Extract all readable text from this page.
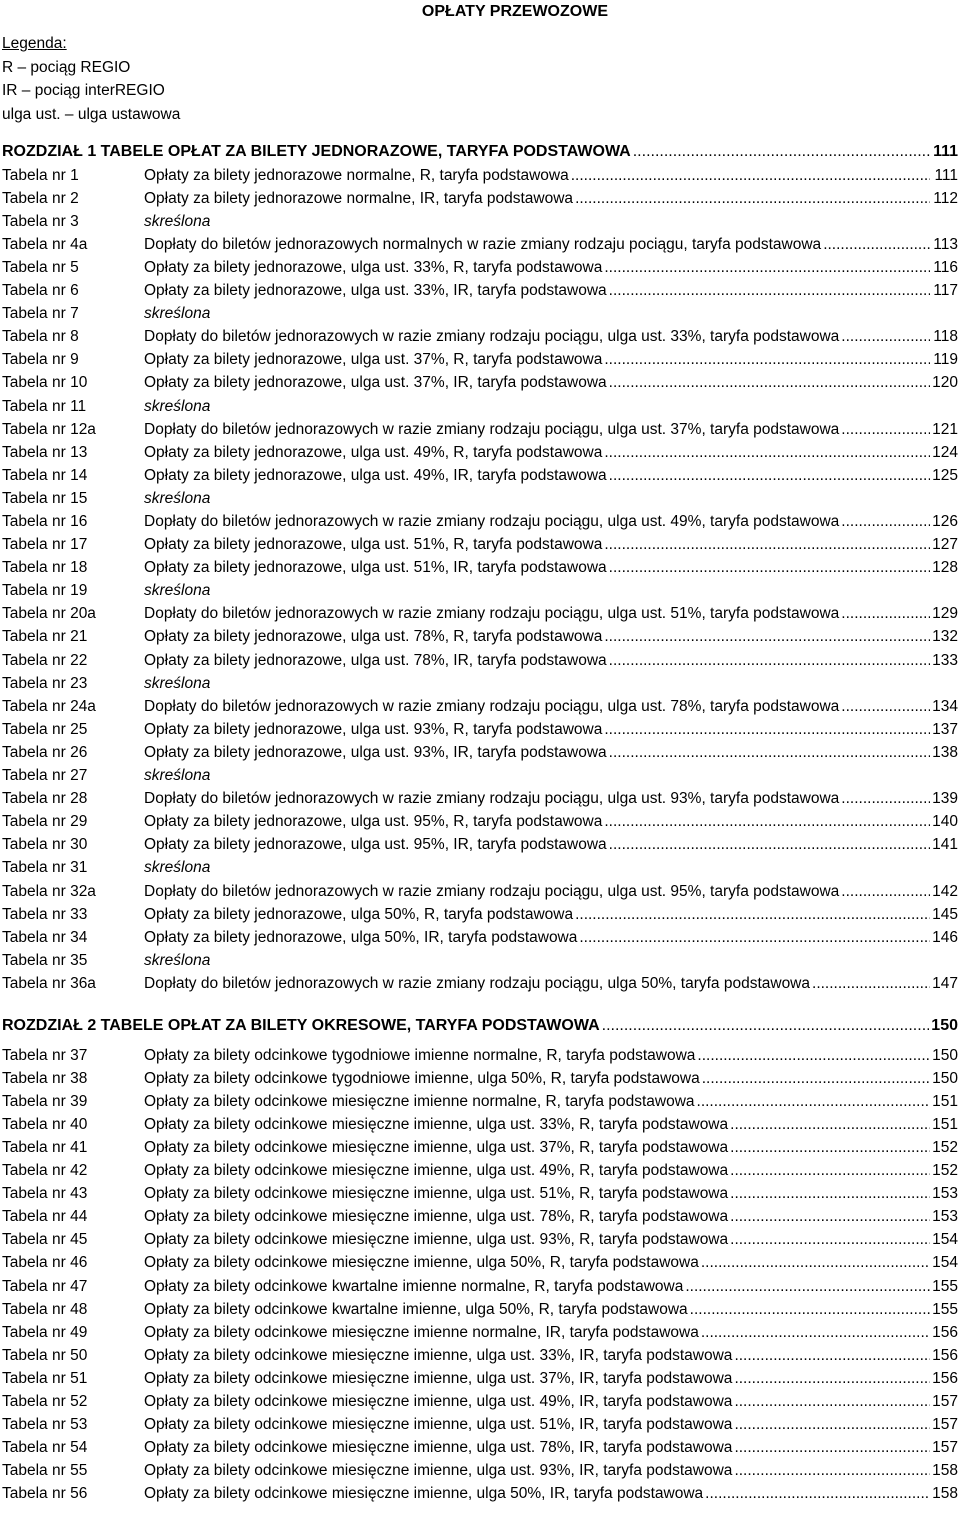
OPŁATY PRZEWOZOWE
Legenda:
R – pociąg REGIO
IR – pociąg interREGIO
ulga ust. – ulga ustawowa
ROZDZIAŁ 1 TABELE OPŁAT ZA BILETY JEDNORAZOWE, TARYFA PODSTAWOWA .....	111
Tabela nr 1	Opłaty za bilety jednorazowe normalne, R, taryfa podstawowa .....	111
Tabela nr 2	Opłaty za bilety jednorazowe normalne, IR, taryfa podstawowa .....	112
Tabela nr 3	skreślona
Tabela nr 4a	Dopłaty do biletów jednorazowych normalnych w razie zmiany rodzaju pociągu, taryfa podstawowa .....	113
Tabela nr 5	Opłaty za bilety jednorazowe, ulga ust. 33%, R, taryfa podstawowa .....	116
Tabela nr 6	Opłaty za bilety jednorazowe, ulga ust. 33%, IR, taryfa podstawowa .....	117
Tabela nr 7	skreślona
Tabela nr 8	Dopłaty do biletów jednorazowych w razie zmiany rodzaju pociągu, ulga ust. 33%, taryfa podstawowa .....	118
Tabela nr 9	Opłaty za bilety jednorazowe, ulga ust. 37%, R, taryfa podstawowa .....	119
Tabela nr 10	Opłaty za bilety jednorazowe, ulga ust. 37%, IR, taryfa podstawowa .....	120
Tabela nr 11	skreślona
Tabela nr 12a	Dopłaty do biletów jednorazowych w razie zmiany rodzaju pociągu, ulga ust. 37%, taryfa podstawowa .....	121
Tabela nr 13	Opłaty za bilety jednorazowe, ulga ust. 49%, R, taryfa podstawowa .....	124
Tabela nr 14	Opłaty za bilety jednorazowe, ulga ust. 49%, IR, taryfa podstawowa .....	125
Tabela nr 15	skreślona
Tabela nr 16	Dopłaty do biletów jednorazowych w razie zmiany rodzaju pociągu, ulga ust. 49%, taryfa podstawowa .....	126
Tabela nr 17	Opłaty za bilety jednorazowe, ulga ust. 51%, R, taryfa podstawowa .....	127
Tabela nr 18	Opłaty za bilety jednorazowe, ulga ust. 51%, IR, taryfa podstawowa .....	128
Tabela nr 19	skreślona
Tabela nr 20a	Dopłaty do biletów jednorazowych w razie zmiany rodzaju pociągu, ulga ust. 51%, taryfa podstawowa .....	129
Tabela nr 21	Opłaty za bilety jednorazowe, ulga ust. 78%, R, taryfa podstawowa .....	132
Tabela nr 22	Opłaty za bilety jednorazowe, ulga ust. 78%, IR, taryfa podstawowa .....	133
Tabela nr 23	skreślona
Tabela nr 24a	Dopłaty do biletów jednorazowych w razie zmiany rodzaju pociągu, ulga ust. 78%, taryfa podstawowa .....	134
Tabela nr 25	Opłaty za bilety jednorazowe, ulga ust. 93%, R, taryfa podstawowa .....	137
Tabela nr 26	Opłaty za bilety jednorazowe, ulga ust. 93%, IR, taryfa podstawowa .....	138
Tabela nr 27	skreślona
Tabela nr 28	Dopłaty do biletów jednorazowych w razie zmiany rodzaju pociągu, ulga ust. 93%, taryfa podstawowa .....	139
Tabela nr 29	Opłaty za bilety jednorazowe, ulga ust. 95%, R, taryfa podstawowa .....	140
Tabela nr 30	Opłaty za bilety jednorazowe, ulga ust. 95%, IR, taryfa podstawowa .....	141
Tabela nr 31	skreślona
Tabela nr 32a	Dopłaty do biletów jednorazowych w razie zmiany rodzaju pociągu, ulga ust. 95%, taryfa podstawowa .....	142
Tabela nr 33	Opłaty za bilety jednorazowe, ulga 50%, R, taryfa podstawowa .....	145
Tabela nr 34	Opłaty za bilety jednorazowe, ulga 50%, IR, taryfa podstawowa .....	146
Tabela nr 35	skreślona
Tabela nr 36a	Dopłaty do biletów jednorazowych w razie zmiany rodzaju pociągu, ulga 50%, taryfa podstawowa .....	147
ROZDZIAŁ 2 TABELE OPŁAT ZA BILETY OKRESOWE, TARYFA PODSTAWOWA .....	150
Tabela nr 37	Opłaty za bilety odcinkowe tygodniowe imienne normalne, R, taryfa podstawowa .....	150
Tabela nr 38	Opłaty za bilety odcinkowe tygodniowe imienne, ulga 50%, R, taryfa podstawowa .....	150
Tabela nr 39	Opłaty za bilety odcinkowe miesięczne imienne normalne, R, taryfa podstawowa .....	151
Tabela nr 40	Opłaty za bilety odcinkowe miesięczne imienne, ulga ust. 33%, R, taryfa podstawowa .....	151
Tabela nr 41	Opłaty za bilety odcinkowe miesięczne imienne, ulga ust. 37%, R, taryfa podstawowa .....	152
Tabela nr 42	Opłaty za bilety odcinkowe miesięczne imienne, ulga ust. 49%, R, taryfa podstawowa .....	152
Tabela nr 43	Opłaty za bilety odcinkowe miesięczne imienne, ulga ust. 51%, R, taryfa podstawowa .....	153
Tabela nr 44	Opłaty za bilety odcinkowe miesięczne imienne, ulga ust. 78%, R, taryfa podstawowa .....	153
Tabela nr 45	Opłaty za bilety odcinkowe miesięczne imienne, ulga ust. 93%, R, taryfa podstawowa .....	154
Tabela nr 46	Opłaty za bilety odcinkowe miesięczne imienne, ulga 50%, R, taryfa podstawowa .....	154
Tabela nr 47	Opłaty za bilety odcinkowe kwartalne imienne normalne, R, taryfa podstawowa .....	155
Tabela nr 48	Opłaty za bilety odcinkowe kwartalne imienne, ulga 50%, R, taryfa podstawowa .....	155
Tabela nr 49	Opłaty za bilety odcinkowe miesięczne imienne normalne, IR, taryfa podstawowa .....	156
Tabela nr 50	Opłaty za bilety odcinkowe miesięczne imienne, ulga ust. 33%, IR, taryfa podstawowa .....	156
Tabela nr 51	Opłaty za bilety odcinkowe miesięczne imienne, ulga ust. 37%, IR, taryfa podstawowa .....	156
Tabela nr 52	Opłaty za bilety odcinkowe miesięczne imienne, ulga ust. 49%, IR, taryfa podstawowa .....	157
Tabela nr 53	Opłaty za bilety odcinkowe miesięczne imienne, ulga ust. 51%, IR, taryfa podstawowa .....	157
Tabela nr 54	Opłaty za bilety odcinkowe miesięczne imienne, ulga ust. 78%, IR, taryfa podstawowa .....	157
Tabela nr 55	Opłaty za bilety odcinkowe miesięczne imienne, ulga ust. 93%, IR, taryfa podstawowa .....	158
Tabela nr 56	Opłaty za bilety odcinkowe miesięczne imienne, ulga 50%, IR, taryfa podstawowa .....	158
